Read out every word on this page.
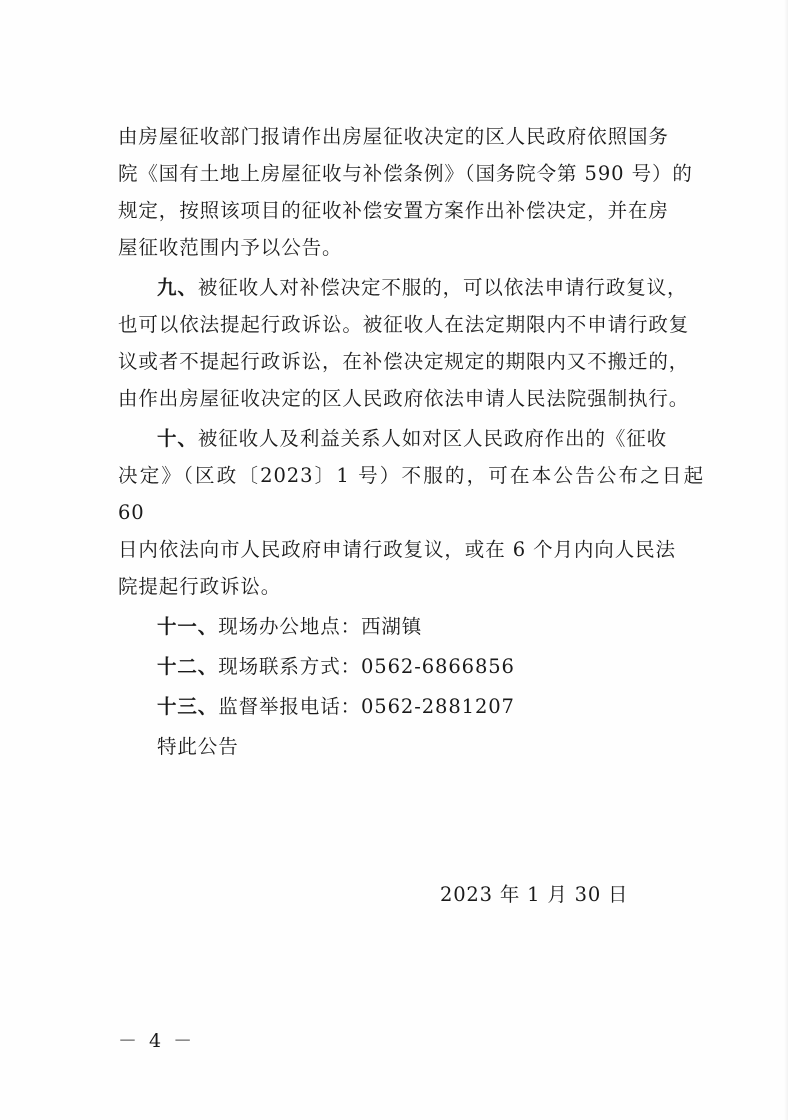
由房屋征收部门报请作出房屋征收决定的区人民政府依照国务
院《国有土地上房屋征收与补偿条例》（国务院令第 590 号）的
规定，按照该项目的征收补偿安置方案作出补偿决定，并在房
屋征收范围内予以公告。

九、被征收人对补偿决定不服的，可以依法申请行政复议，
也可以依法提起行政诉讼。被征收人在法定期限内不申请行政复
议或者不提起行政诉讼，在补偿决定规定的期限内又不搬迁的，
由作出房屋征收决定的区人民政府依法申请人民法院强制执行。

十、被征收人及利益关系人如对区人民政府作出的《征收
决定》（区政〔2023〕1 号）不服的，可在本公告公布之日起 60
日内依法向市人民政府申请行政复议，或在 6 个月内向人民法
院提起行政诉讼。

十一、现场办公地点：西湖镇

十二、现场联系方式：0562-6866856

十三、监督举报电话：0562-2881207

特此公告

2023 年 1 月 30 日
－ 4 －
